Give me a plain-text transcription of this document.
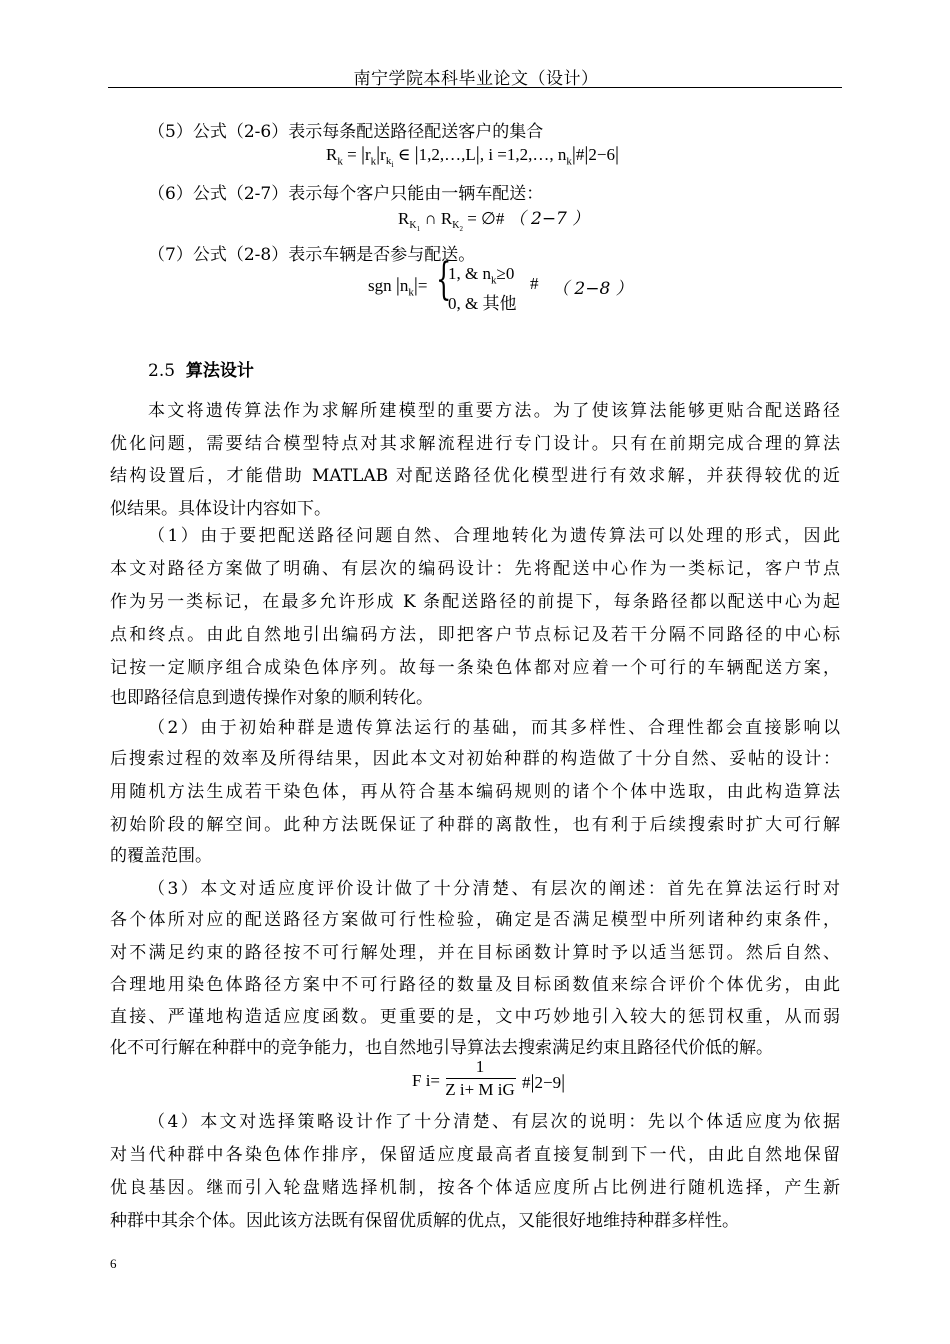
南宁学院本科毕业论文（设计）
（5）公式（2-6）表示每条配送路径配送客户的集合
$R_k = |r_k|r_{k_i}$ ∈ |1,2,…,L|, i =1,2,…, $n_k|\#|2-6|$
（6）公式（2-7）表示每个客户只能由一辆车配送：
$R_{K_1}$ ∩ $R_{K_2}$ = ∅# （ 2−7 ）
（7）公式（2-8）表示车辆是否参与配送。
sgn $|n_k|=$ {
1, & $n_k\ge 0$
0, & 其他
# （ 2−8 ）
2.5 算法设计
本文将遗传算法作为求解所建模型的重要方法。为了使该算法能够更贴合配送路径
优化问题，需要结合模型特点对其求解流程进行专门设计。只有在前期完成合理的算法
结构设置后，才能借助 MATLAB 对配送路径优化模型进行有效求解，并获得较优的近
似结果。具体设计内容如下。
（1）由于要把配送路径问题自然、合理地转化为遗传算法可以处理的形式，因此
本文对路径方案做了明确、有层次的编码设计：先将配送中心作为一类标记，客户节点
作为另一类标记，在最多允许形成 K 条配送路径的前提下，每条路径都以配送中心为起
点和终点。由此自然地引出编码方法，即把客户节点标记及若干分隔不同路径的中心标
记按一定顺序组合成染色体序列。故每一条染色体都对应着一个可行的车辆配送方案，
也即路径信息到遗传操作对象的顺利转化。
（2）由于初始种群是遗传算法运行的基础，而其多样性、合理性都会直接影响以
后搜索过程的效率及所得结果，因此本文对初始种群的构造做了十分自然、妥帖的设计：
用随机方法生成若干染色体，再从符合基本编码规则的诸个个体中选取，由此构造算法
初始阶段的解空间。此种方法既保证了种群的离散性，也有利于后续搜索时扩大可行解
的覆盖范围。
（3）本文对适应度评价设计做了十分清楚、有层次的阐述：首先在算法运行时对
各个体所对应的配送路径方案做可行性检验，确定是否满足模型中所列诸种约束条件，
对不满足约束的路径按不可行解处理，并在目标函数计算时予以适当惩罚。然后自然、
合理地用染色体路径方案中不可行路径的数量及目标函数值来综合评价个体优劣，由此
直接、严谨地构造适应度函数。更重要的是，文中巧妙地引入较大的惩罚权重，从而弱
化不可行解在种群中的竞争能力，也自然地引导算法去搜索满足约束且路径代价低的解。
F i=
1
Z i+ M iG #|2−9|
（4）本文对选择策略设计作了十分清楚、有层次的说明：先以个体适应度为依据
对当代种群中各染色体作排序，保留适应度最高者直接复制到下一代，由此自然地保留
优良基因。继而引入轮盘赌选择机制，按各个体适应度所占比例进行随机选择，产生新
种群中其余个体。因此该方法既有保留优质解的优点，又能很好地维持种群多样性。
6
